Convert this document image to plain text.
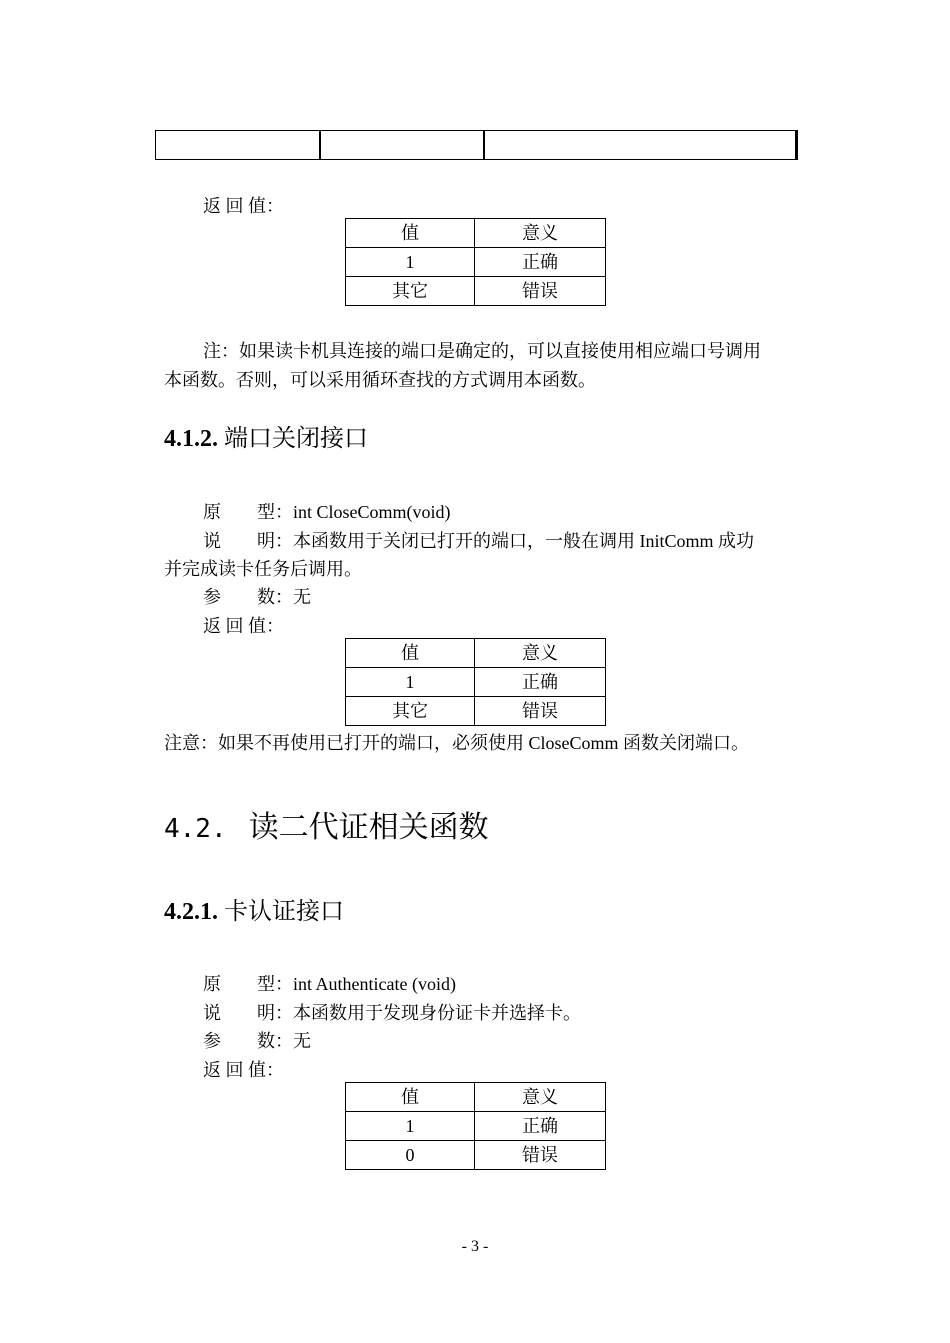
返 回 值：
值	意义
1	正确
其它	错误
注：如果读卡机具连接的端口是确定的，可以直接使用相应端口号调用
本函数。否则，可以采用循环查找的方式调用本函数。
4.1.2. 端口关闭接口
原　　型：int CloseComm(void)
说　　明：本函数用于关闭已打开的端口，一般在调用 InitComm 成功
并完成读卡任务后调用。
参　　数：无
返 回 值：
值	意义
1	正确
其它	错误
注意：如果不再使用已打开的端口，必须使用 CloseComm 函数关闭端口。
4.2. 读二代证相关函数
4.2.1. 卡认证接口
原　　型：int Authenticate (void)
说　　明：本函数用于发现身份证卡并选择卡。
参　　数：无
返 回 值：
值	意义
1	正确
0	错误
- 3 -
